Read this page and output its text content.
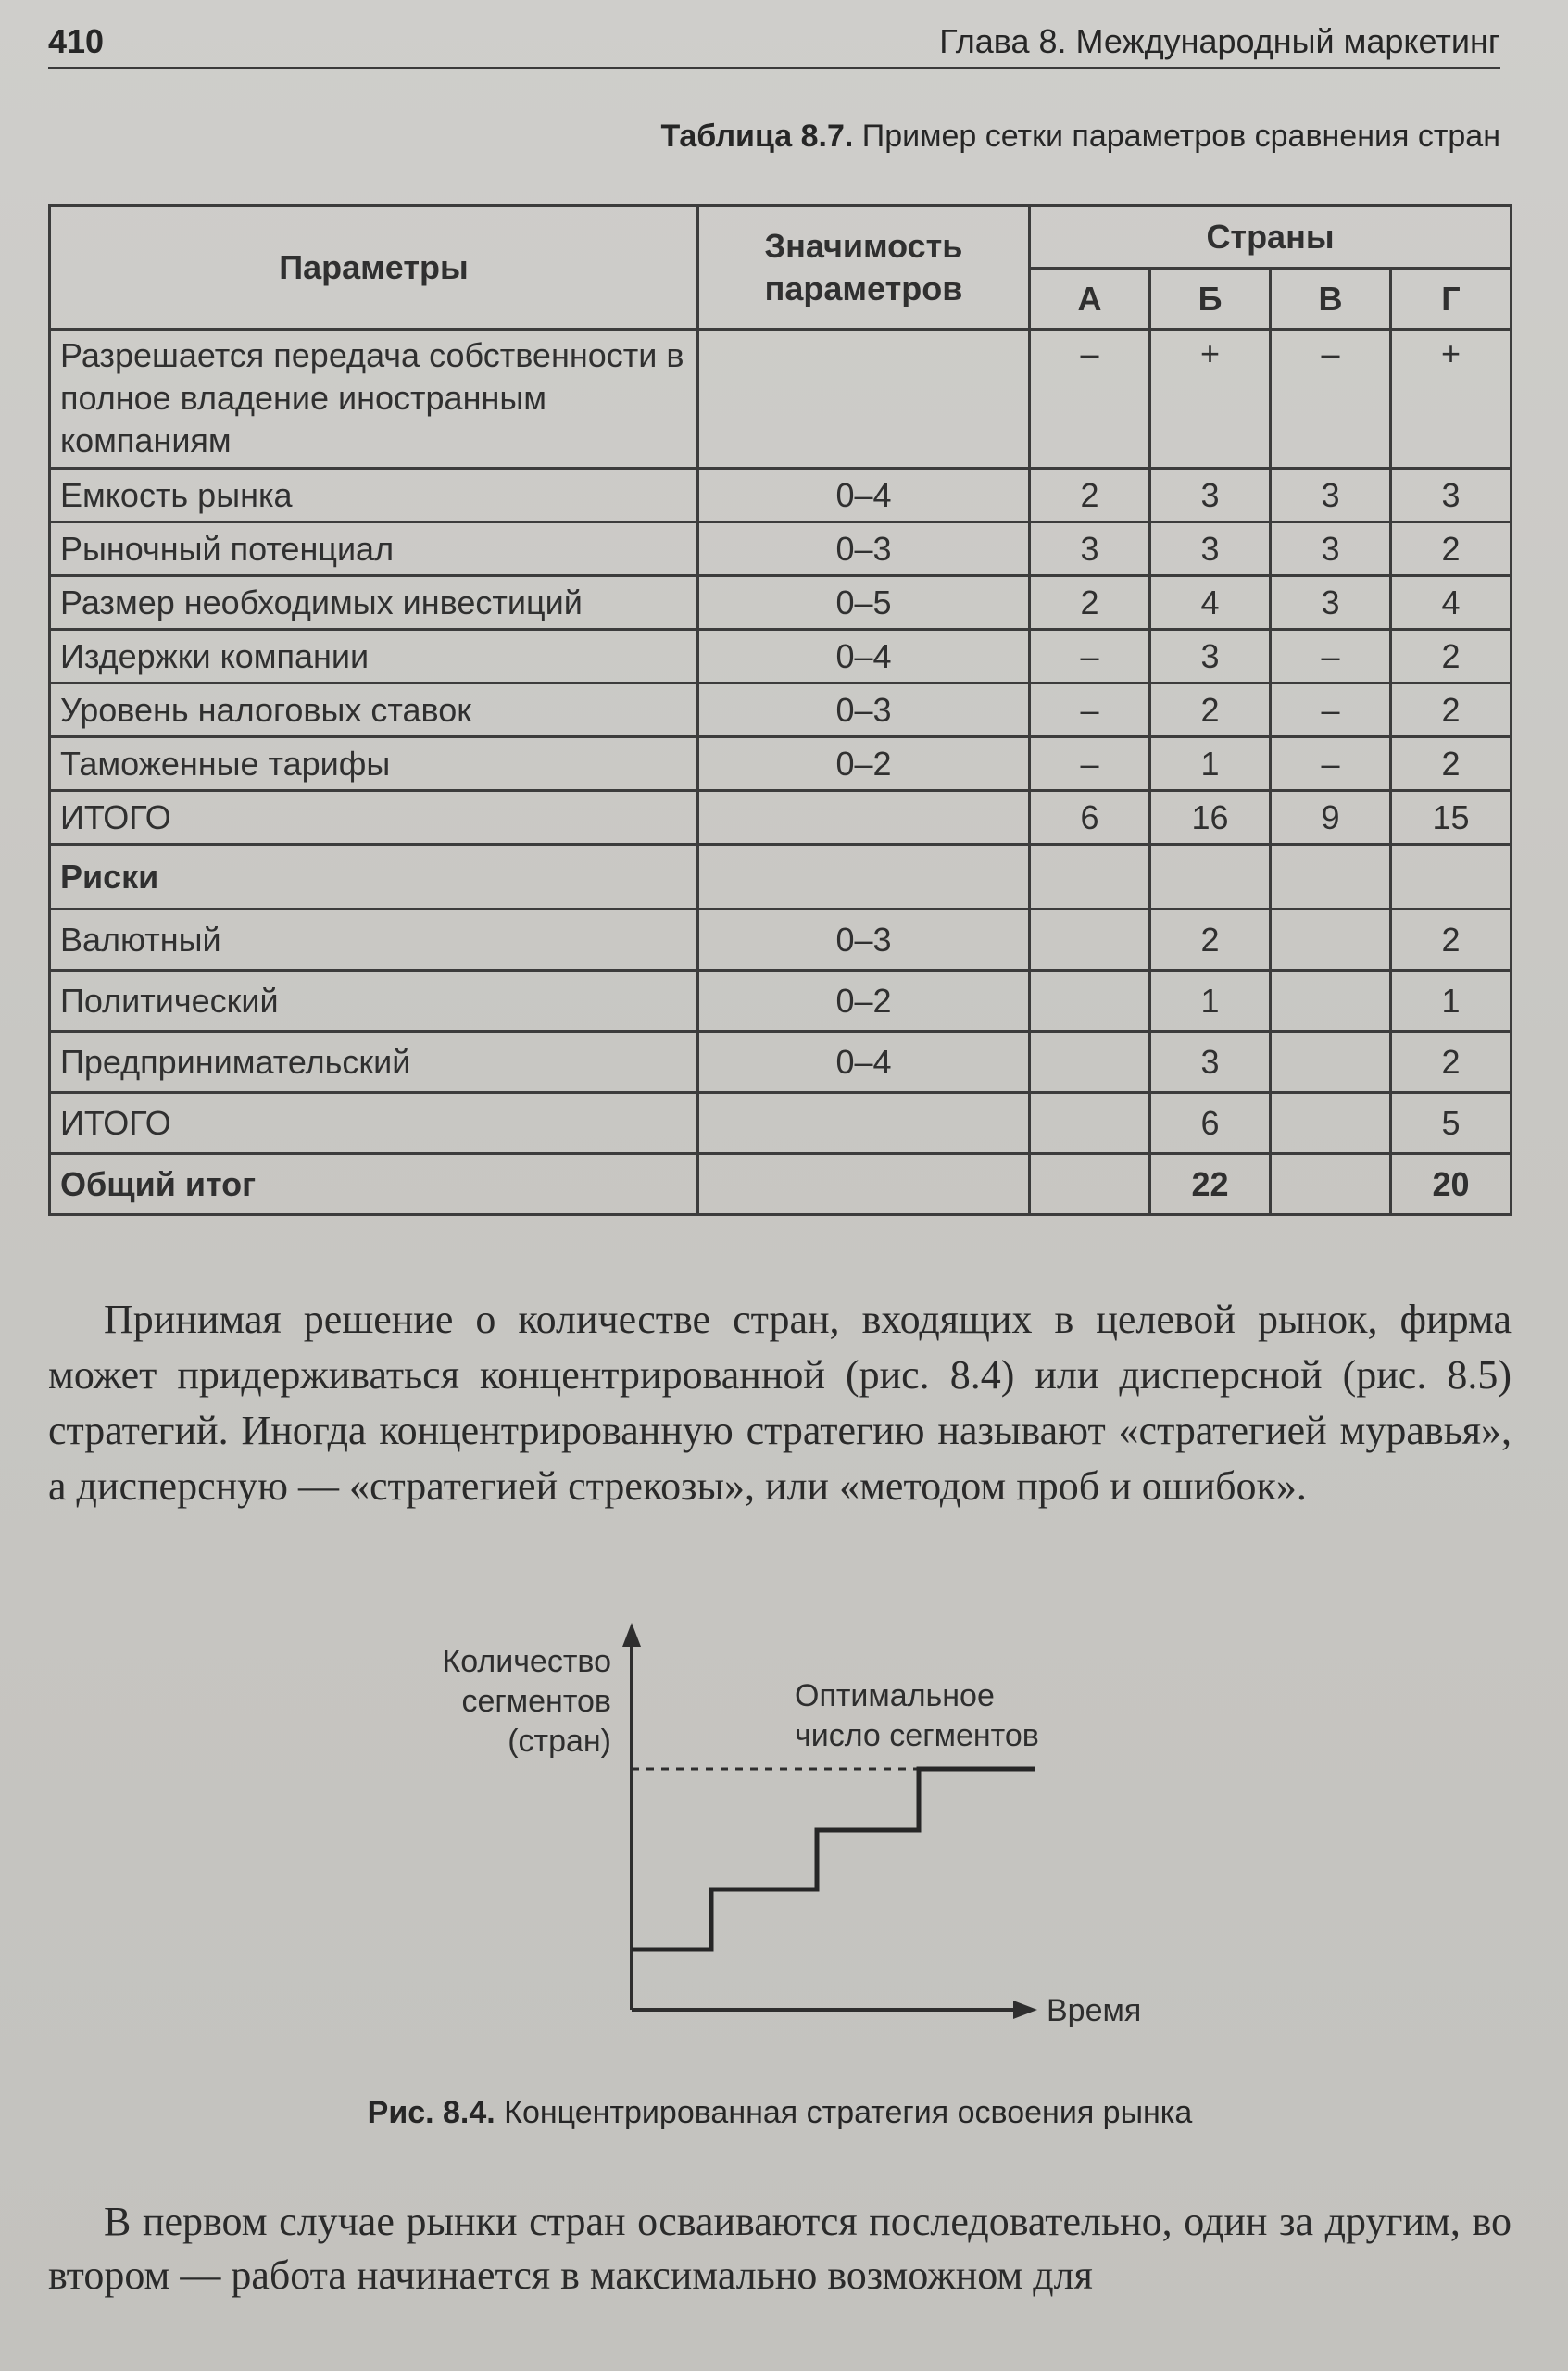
410	Глава 8. Международный маркетинг
Таблица 8.7. Пример сетки параметров сравнения стран
Параметры	Значимость параметров	Страны			
		А	Б	В	Г
Разрешается передача собственности в полное владение иностранным компаниям		–	+	–	+
Емкость рынка	0–4	2	3	3	3
Рыночный потенциал	0–3	3	3	3	2
Размер необходимых инвестиций	0–5	2	4	3	4
Издержки компании	0–4	–	3	–	2
Уровень налоговых ставок	0–3	–	2	–	2
Таможенные тарифы	0–2	–	1	–	2
ИТОГО		6	16	9	15
Риски					
Валютный	0–3		2		2
Политический	0–2		1		1
Предпринимательский	0–4		3		2
ИТОГО			6		5
Общий итог			22		20
Принимая решение о количестве стран, входящих в целевой рынок, фирма может придерживаться концентрированной (рис. 8.4) или дисперсной (рис. 8.5) стратегий. Иногда концентрированную стратегию называют «стратегией муравья», а дисперсную — «стратегией стрекозы», или «методом проб и ошибок».
Количество
сегментов
(стран)
Оптимальное
число сегментов
Время
Рис. 8.4. Концентрированная стратегия освоения рынка
В первом случае рынки стран осваиваются последовательно, один за другим, во втором — работа начинается в максимально возможном для
